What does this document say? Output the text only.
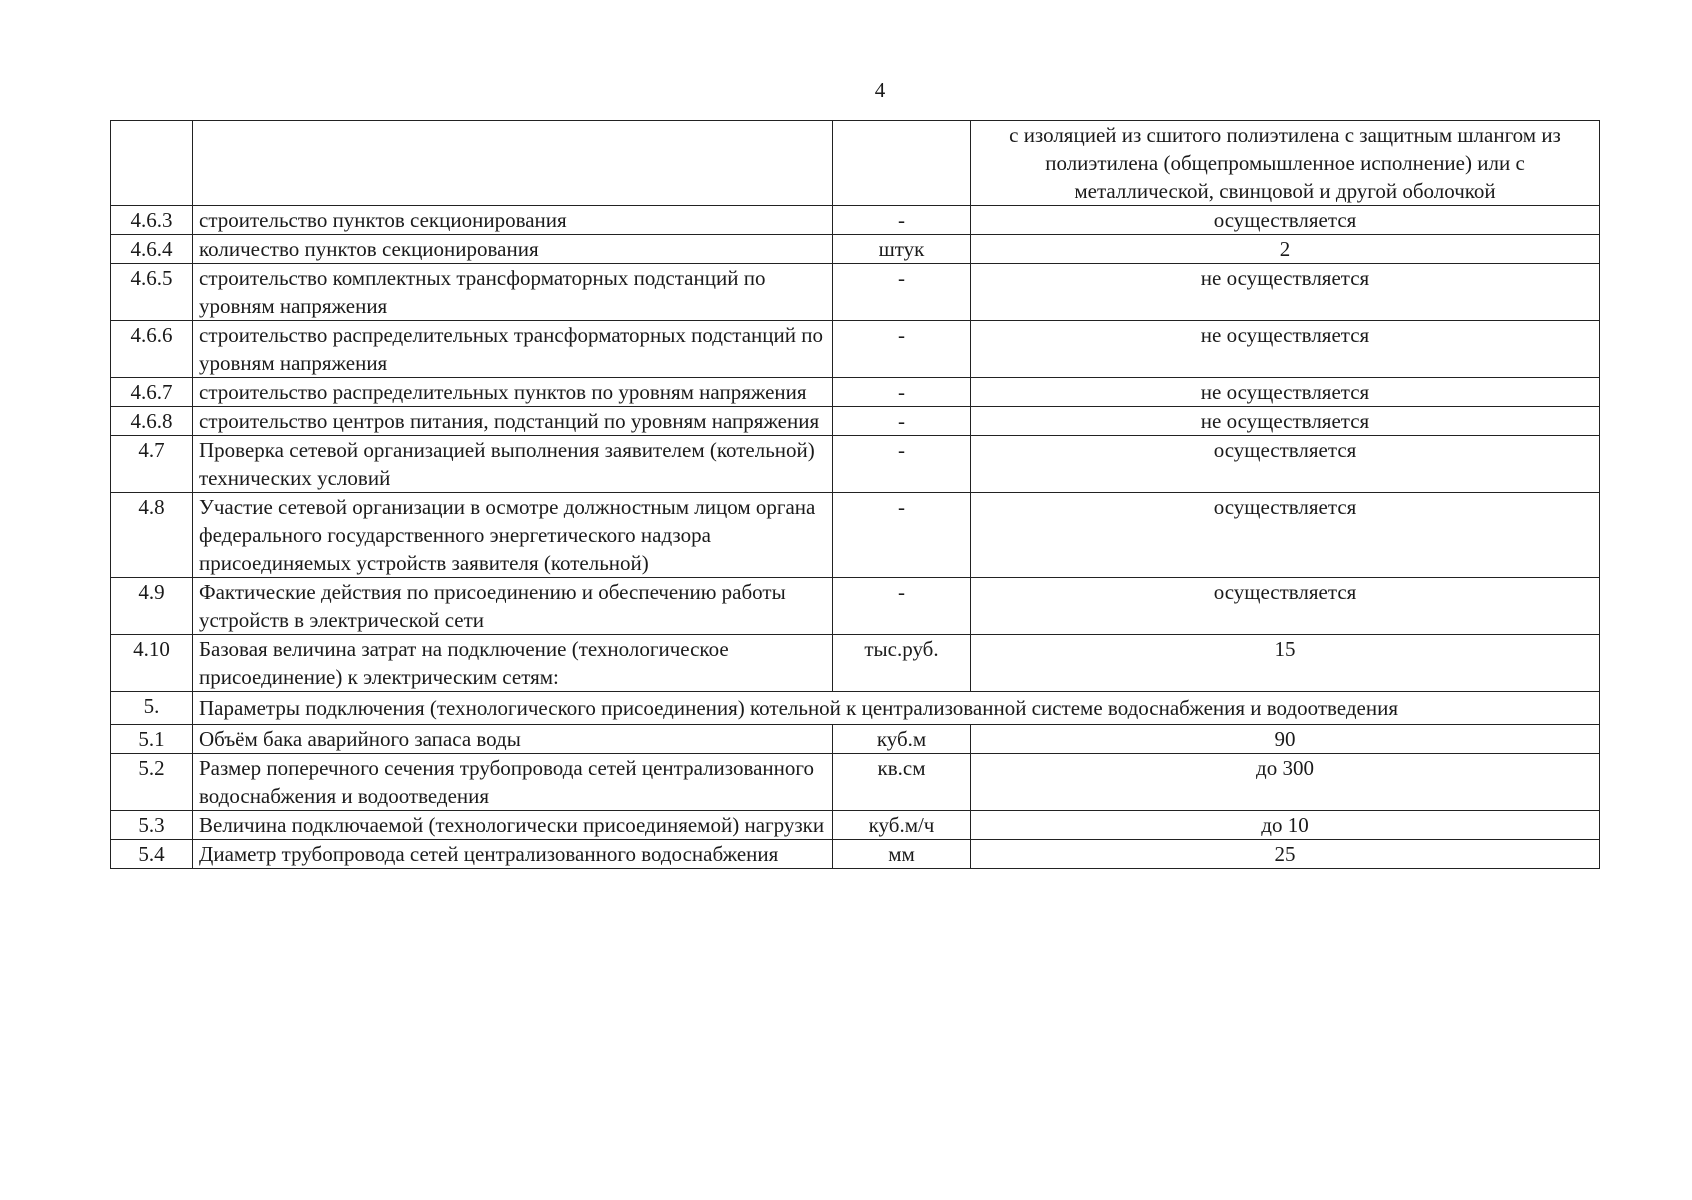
4
			с изоляцией из сшитого полиэтилена с защитным шлангом из полиэтилена (общепромышленное исполнение) или с металлической, свинцовой и другой оболочкой
4.6.3	строительство пунктов секционирования	-	осуществляется
4.6.4	количество пунктов секционирования	штук	2
4.6.5	строительство комплектных трансформаторных подстанций по уровням напряжения	-	не осуществляется
4.6.6	строительство распределительных трансформаторных подстанций по уровням напряжения	-	не осуществляется
4.6.7	строительство распределительных пунктов по уровням напряжения	-	не осуществляется
4.6.8	строительство центров питания, подстанций по уровням напряжения	-	не осуществляется
4.7	Проверка сетевой организацией выполнения заявителем (котельной) технических условий	-	осуществляется
4.8	Участие сетевой организации в осмотре должностным лицом органа федерального государственного энергетического надзора присоединяемых устройств заявителя (котельной)	-	осуществляется
4.9	Фактические действия по присоединению и обеспечению работы устройств в электрической сети	-	осуществляется
4.10	Базовая величина затрат на подключение (технологическое присоединение) к электрическим сетям:	тыс.руб.	15
5.	Параметры подключения (технологического присоединения) котельной к централизованной системе водоснабжения и водоотведения		
5.1	Объём бака аварийного запаса воды	куб.м	90
5.2	Размер поперечного сечения трубопровода сетей централизованного водоснабжения и водоотведения	кв.см	до 300
5.3	Величина подключаемой (технологически присоединяемой) нагрузки	куб.м/ч	до 10
5.4	Диаметр трубопровода сетей централизованного водоснабжения	мм	25
